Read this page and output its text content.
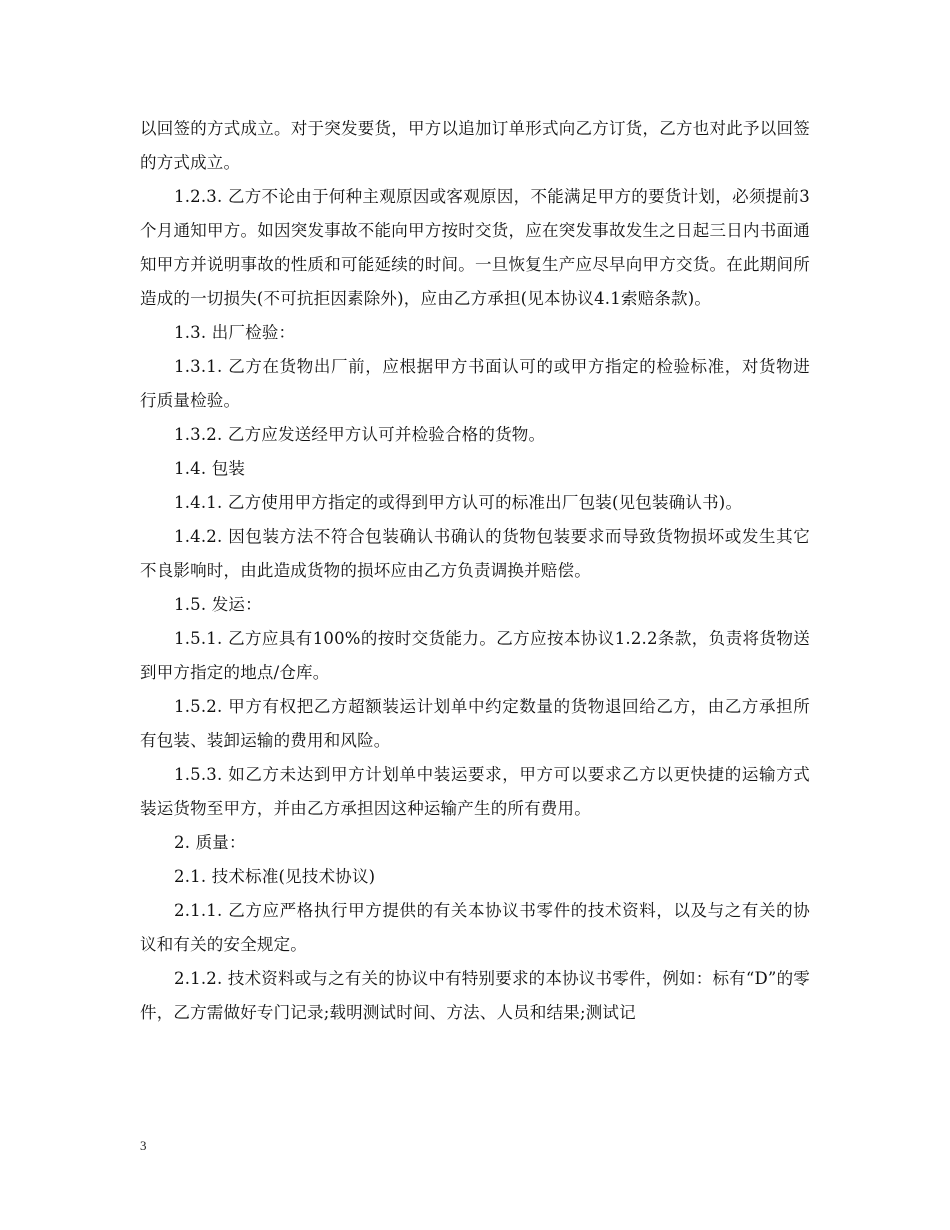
以回签的方式成立。对于突发要货，甲方以追加订单形式向乙方订货，乙方也对此予以回签的方式成立。

1.2.3. 乙方不论由于何种主观原因或客观原因，不能满足甲方的要货计划，必须提前3个月通知甲方。如因突发事故不能向甲方按时交货，应在突发事故发生之日起三日内书面通知甲方并说明事故的性质和可能延续的时间。一旦恢复生产应尽早向甲方交货。在此期间所造成的一切损失(不可抗拒因素除外)，应由乙方承担(见本协议4.1索赔条款)。

1.3. 出厂检验：

1.3.1. 乙方在货物出厂前，应根据甲方书面认可的或甲方指定的检验标准，对货物进行质量检验。

1.3.2. 乙方应发送经甲方认可并检验合格的货物。

1.4. 包装

1.4.1. 乙方使用甲方指定的或得到甲方认可的标准出厂包装(见包装确认书)。

1.4.2. 因包装方法不符合包装确认书确认的货物包装要求而导致货物损坏或发生其它不良影响时，由此造成货物的损坏应由乙方负责调换并赔偿。

1.5. 发运：

1.5.1. 乙方应具有100%的按时交货能力。乙方应按本协议1.2.2条款，负责将货物送到甲方指定的地点/仓库。

1.5.2. 甲方有权把乙方超额装运计划单中约定数量的货物退回给乙方，由乙方承担所有包装、装卸运输的费用和风险。

1.5.3. 如乙方未达到甲方计划单中装运要求，甲方可以要求乙方以更快捷的运输方式装运货物至甲方，并由乙方承担因这种运输产生的所有费用。

2. 质量：

2.1. 技术标准(见技术协议)

2.1.1. 乙方应严格执行甲方提供的有关本协议书零件的技术资料，以及与之有关的协议和有关的安全规定。

2.1.2. 技术资料或与之有关的协议中有特别要求的本协议书零件，例如：标有“D”的零件，乙方需做好专门记录;载明测试时间、方法、人员和结果;测试记

3
